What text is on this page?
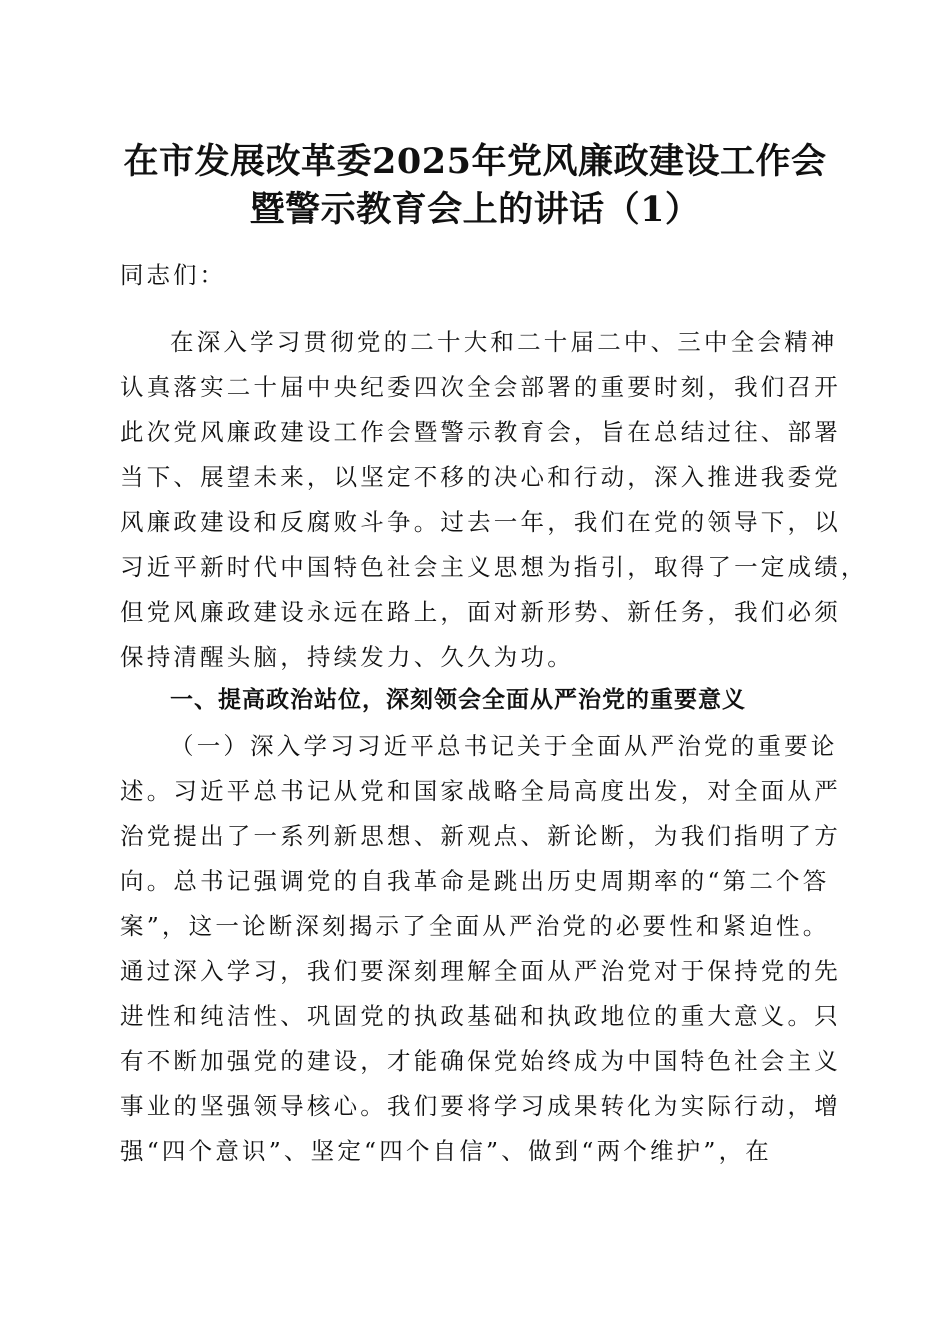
在市发展改革委2025年党风廉政建设工作会
暨警示教育会上的讲话（1）
同志们：
在深入学习贯彻党的二十大和二十届二中、三中全会精神
认真落实二十届中央纪委四次全会部署的重要时刻，我们召开
此次党风廉政建设工作会暨警示教育会，旨在总结过往、部署
当下、展望未来，以坚定不移的决心和行动，深入推进我委党
风廉政建设和反腐败斗争。过去一年，我们在党的领导下，以
习近平新时代中国特色社会主义思想为指引，取得了一定成绩，
但党风廉政建设永远在路上，面对新形势、新任务，我们必须
保持清醒头脑，持续发力、久久为功。
一、提高政治站位，深刻领会全面从严治党的重要意义
（一）深入学习习近平总书记关于全面从严治党的重要论
述。习近平总书记从党和国家战略全局高度出发，对全面从严
治党提出了一系列新思想、新观点、新论断，为我们指明了方
向。总书记强调党的自我革命是跳出历史周期率的“第二个答
案”，这一论断深刻揭示了全面从严治党的必要性和紧迫性。
通过深入学习，我们要深刻理解全面从严治党对于保持党的先
进性和纯洁性、巩固党的执政基础和执政地位的重大意义。只
有不断加强党的建设，才能确保党始终成为中国特色社会主义
事业的坚强领导核心。我们要将学习成果转化为实际行动，增
强“四个意识”、坚定“四个自信”、做到“两个维护”，在
